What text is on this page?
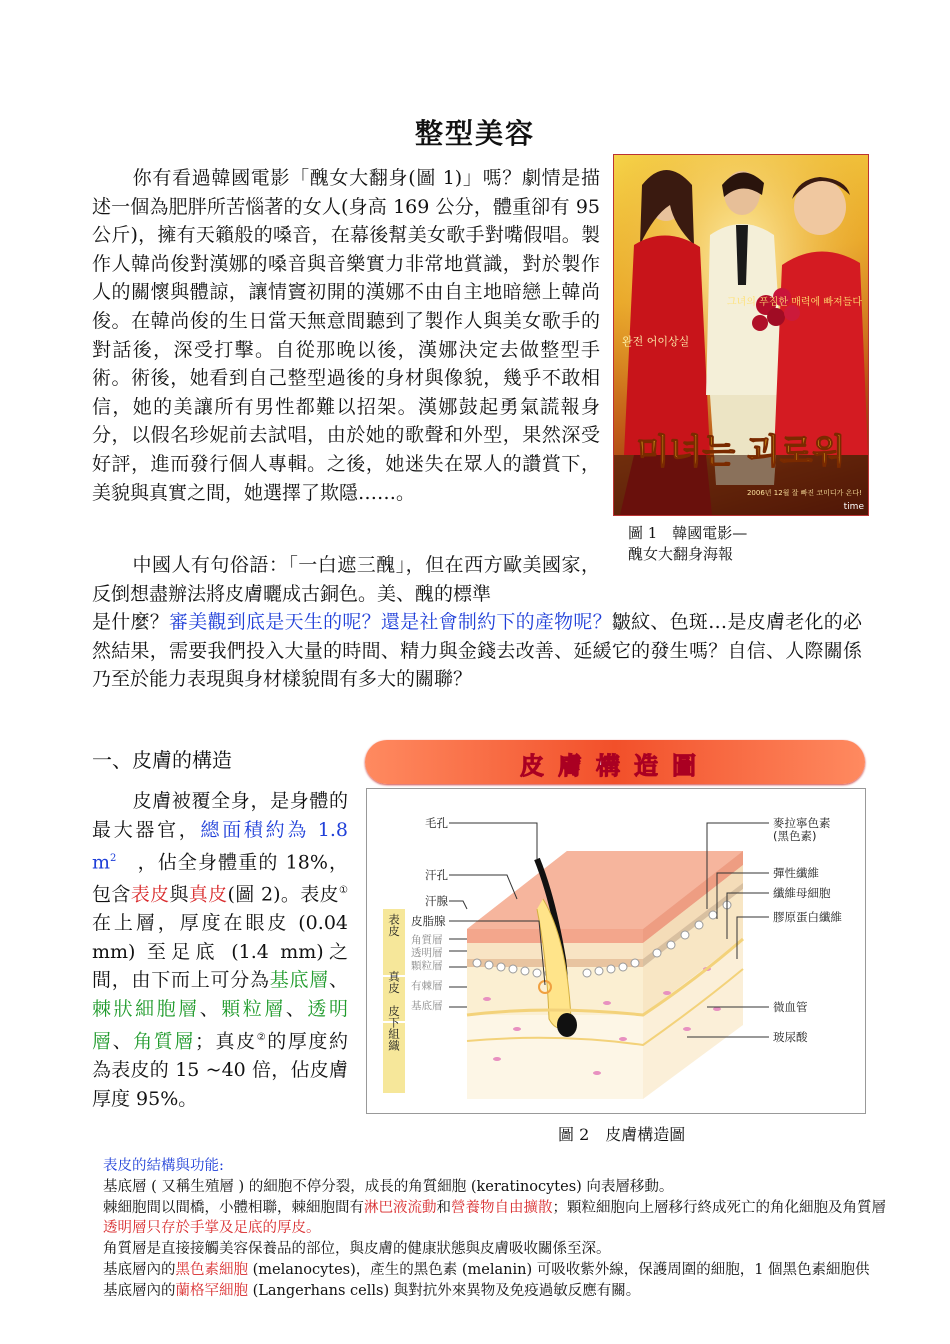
整型美容
你有看過韓國電影「醜女大翻身(圖 1)」嗎？劇情是描述一個為肥胖所苦惱著的女人(身高 169 公分，體重卻有 95 公斤)，擁有天籟般的嗓音，在幕後幫美女歌手對嘴假唱。製作人韓尚俊對漢娜的嗓音與音樂實力非常地賞識，對於製作人的關懷與體諒，讓情竇初開的漢娜不由自主地暗戀上韓尚俊。在韓尚俊的生日當天無意間聽到了製作人與美女歌手的對話後，深受打擊。自從那晚以後，漢娜決定去做整型手術。術後，她看到自己整型過後的身材與像貌，幾乎不敢相信，她的美讓所有男性都難以招架。漢娜鼓起勇氣謊報身分，以假名珍妮前去試唱，由於她的歌聲和外型，果然深受好評，進而發行個人專輯。之後，她迷失在眾人的讚賞下，美貌與真實之間，她選擇了欺隱……。
그녀의 푸짐한 매력에 빠져들다
완전 어이상실
미녀는 괴로워
2006년 12월 잘 빠진 코미디가 온다!
time
圖 1　韓國電影—
醜女大翻身海報
中國人有句俗語：「一白遮三醜」，但在西方歐美國家，反倒想盡辦法將皮膚曬成古銅色。美、醜的標準
是什麼？審美觀到底是天生的呢？還是社會制約下的產物呢？皺紋、色斑…是皮膚老化的必然結果，需要我們投入大量的時間、精力與金錢去改善、延緩它的發生嗎？自信、人際關係乃至於能力表現與身材樣貌間有多大的關聯？
一、皮膚的構造
皮膚被覆全身，是身體的最大器官，總面積約為 1.8 $m^2$　 ，佔全身體重的 18%，包含表皮與真皮(圖 2)。表皮①在上層，厚度在眼皮 (0.04 mm) 至足底 (1.4 mm)之間，由下而上可分為基底層、棘狀細胞層、顆粒層、透明層、角質層；真皮②的厚度約為表皮的 15 ~40 倍，佔皮膚厚度 95%。
皮膚構造圖
表皮
真皮
皮下組織
毛孔
汗孔
汗腺
皮脂腺
角質層
透明層
顆粒層
有棘層
基底層
麥拉寧色素
(黑色素)
彈性纖維
纖維母細胞
膠原蛋白纖維
微血管
玻尿酸
圖 2　皮膚構造圖
表皮的結構與功能:
基底層 ( 又稱生殖層 ) 的細胞不停分裂，成長的角質細胞 (keratinocytes) 向表層移動。
棘細胞間以間橋，小體相聯，棘細胞間有淋巴液流動和營養物自由擴散；顆粒細胞向上層移行終成死亡的角化細胞及角質層
透明層只存於手掌及足底的厚皮。
角質層是直接接觸美容保養品的部位，與皮膚的健康狀態與皮膚吸收關係至深。
基底層內的黑色素細胞 (melanocytes)，產生的黑色素 (melanin) 可吸收紫外線，保護周圍的細胞，1 個黑色素細胞供
基底層內的蘭格罕細胞 (Langerhans cells) 與對抗外來異物及免疫過敏反應有關。
